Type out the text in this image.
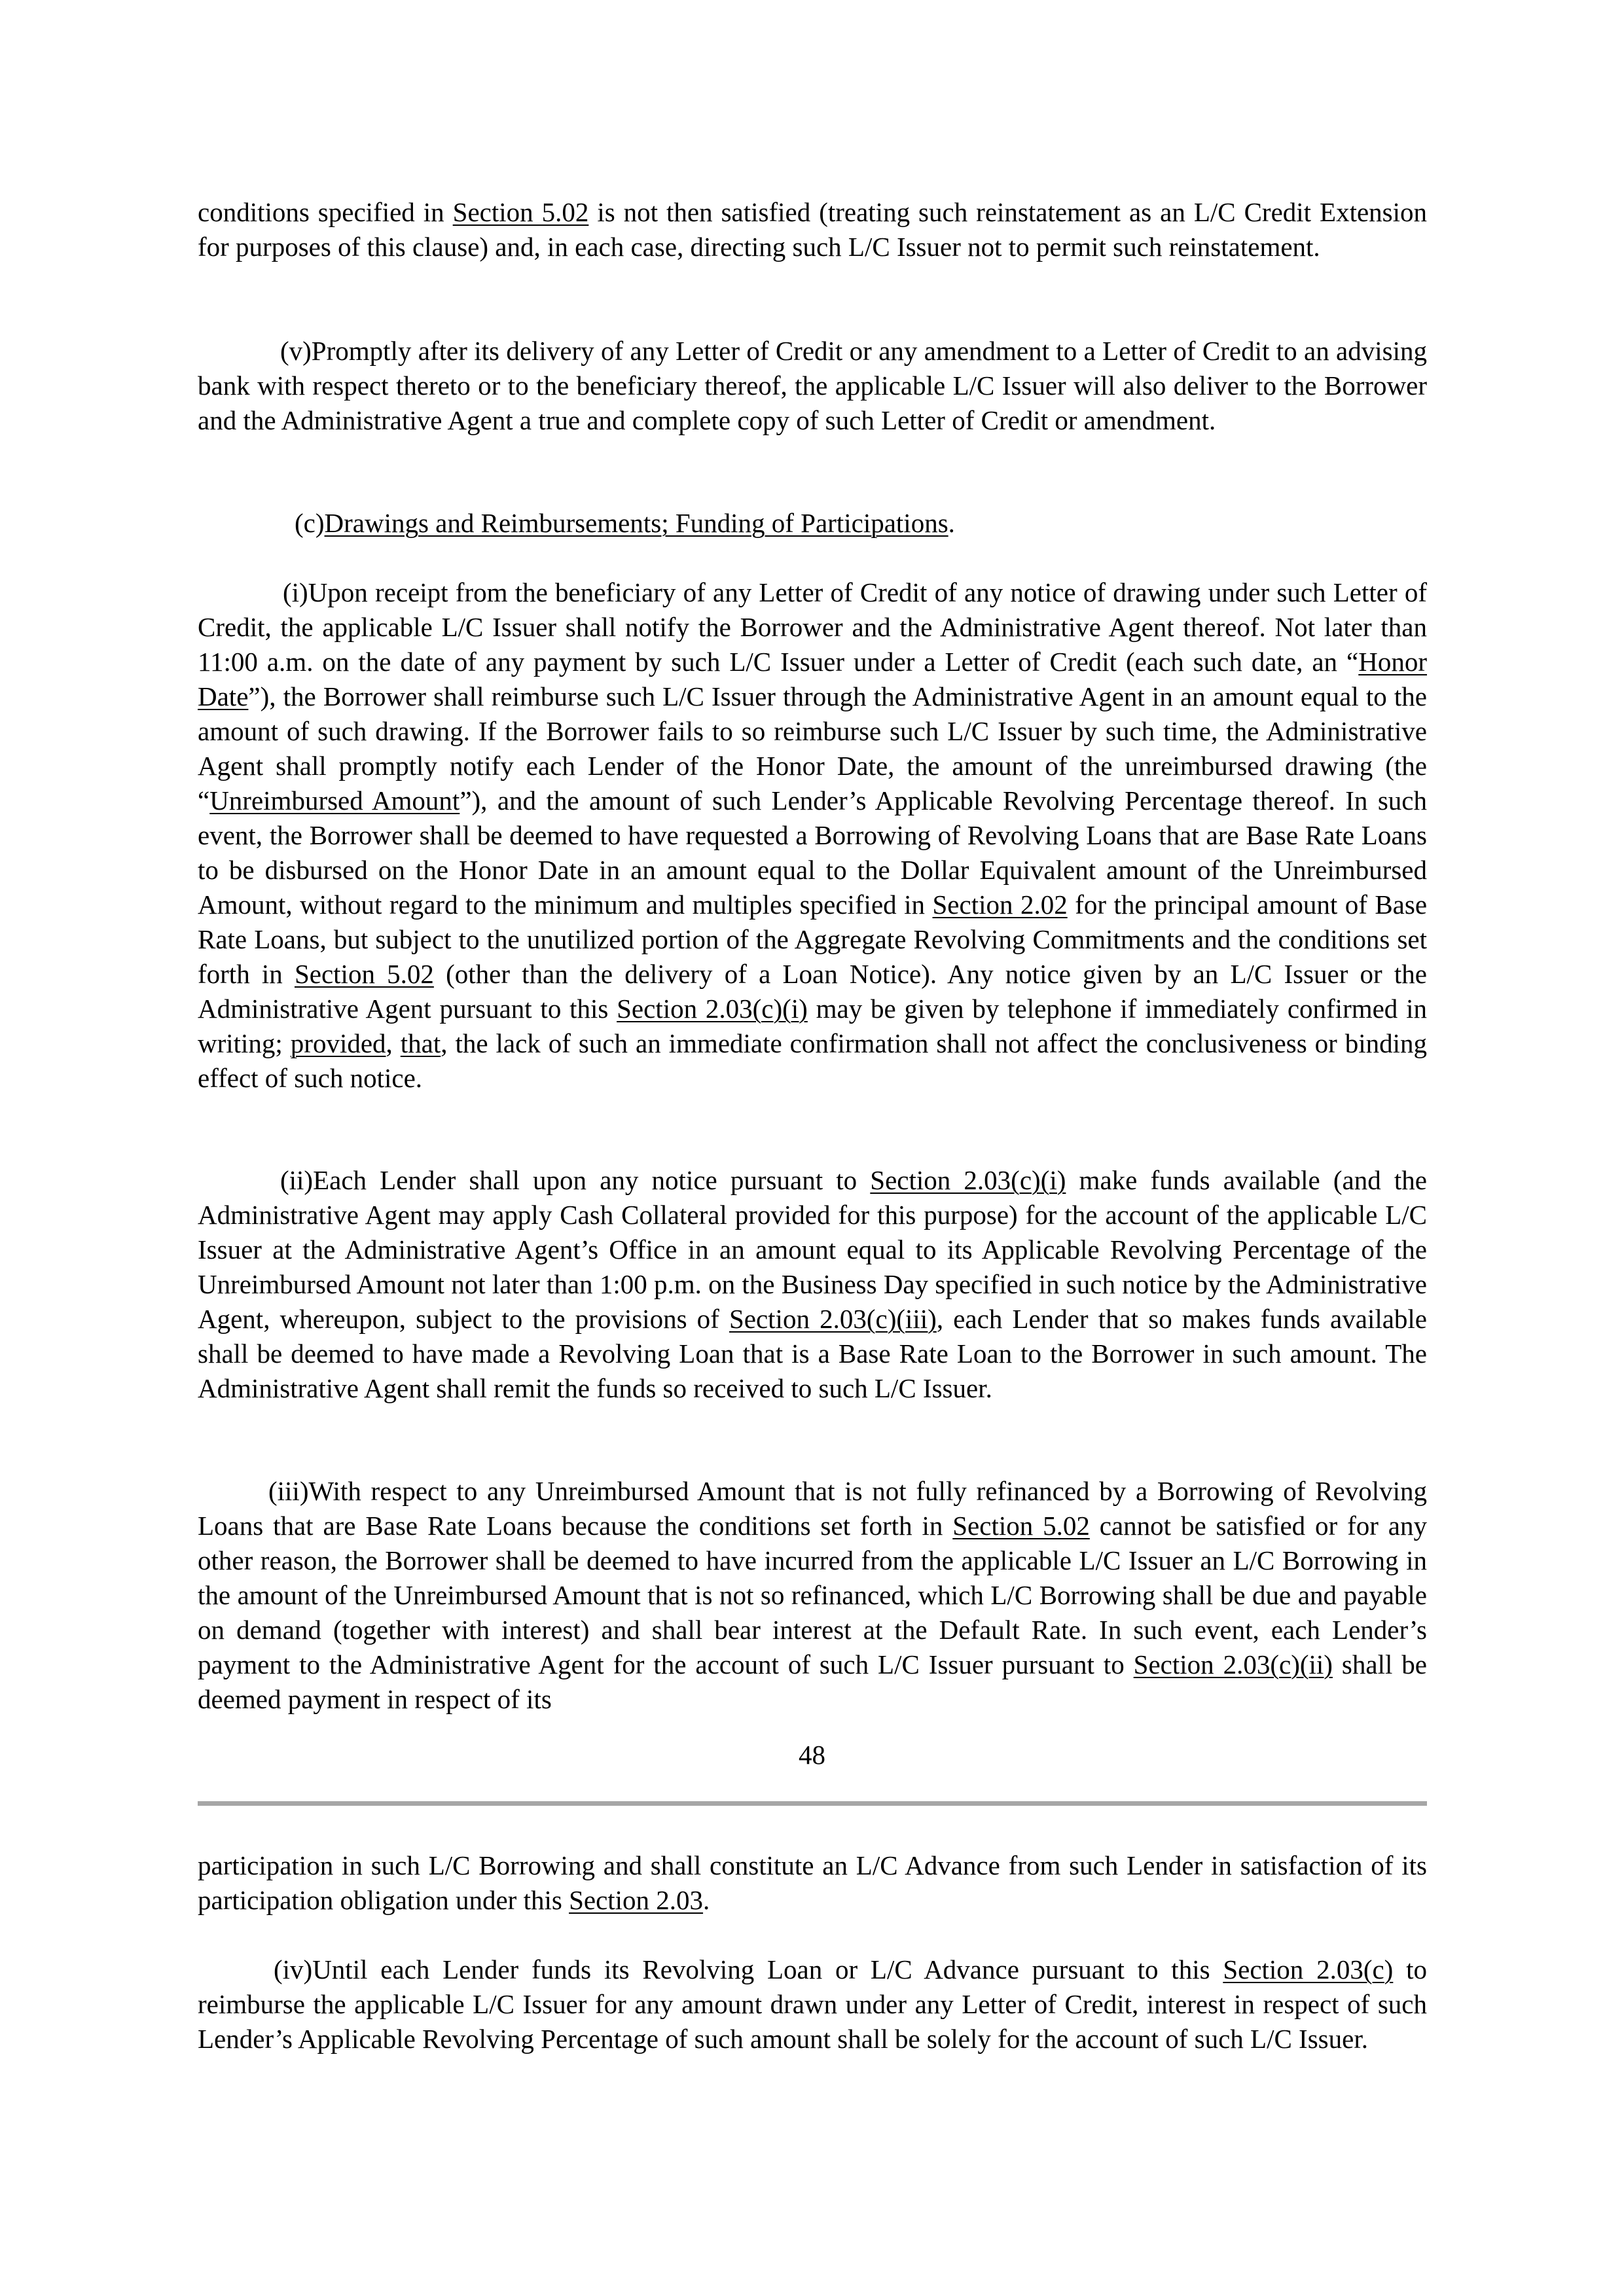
conditions specified in Section 5.02 is not then satisfied (treating such reinstatement as an L/C Credit Extension for purposes of this clause) and, in each case, directing such L/C Issuer not to permit such reinstatement.

(v)Promptly after its delivery of any Letter of Credit or any amendment to a Letter of Credit to an advising bank with respect thereto or to the beneficiary thereof, the applicable L/C Issuer will also deliver to the Borrower and the Administrative Agent a true and complete copy of such Letter of Credit or amendment.

(c)Drawings and Reimbursements; Funding of Participations.

(i)Upon receipt from the beneficiary of any Letter of Credit of any notice of drawing under such Letter of Credit, the applicable L/C Issuer shall notify the Borrower and the Administrative Agent thereof. Not later than 11:00 a.m. on the date of any payment by such L/C Issuer under a Letter of Credit (each such date, an “Honor Date”), the Borrower shall reimburse such L/C Issuer through the Administrative Agent in an amount equal to the amount of such drawing. If the Borrower fails to so reimburse such L/C Issuer by such time, the Administrative Agent shall promptly notify each Lender of the Honor Date, the amount of the unreimbursed drawing (the “Unreimbursed Amount”), and the amount of such Lender’s Applicable Revolving Percentage thereof. In such event, the Borrower shall be deemed to have requested a Borrowing of Revolving Loans that are Base Rate Loans to be disbursed on the Honor Date in an amount equal to the Dollar Equivalent amount of the Unreimbursed Amount, without regard to the minimum and multiples specified in Section 2.02 for the principal amount of Base Rate Loans, but subject to the unutilized portion of the Aggregate Revolving Commitments and the conditions set forth in Section 5.02 (other than the delivery of a Loan Notice). Any notice given by an L/C Issuer or the Administrative Agent pursuant to this Section 2.03(c)(i) may be given by telephone if immediately confirmed in writing; provided, that, the lack of such an immediate confirmation shall not affect the conclusiveness or binding effect of such notice.

(ii)Each Lender shall upon any notice pursuant to Section 2.03(c)(i) make funds available (and the Administrative Agent may apply Cash Collateral provided for this purpose) for the account of the applicable L/C Issuer at the Administrative Agent’s Office in an amount equal to its Applicable Revolving Percentage of the Unreimbursed Amount not later than 1:00 p.m. on the Business Day specified in such notice by the Administrative Agent, whereupon, subject to the provisions of Section 2.03(c)(iii), each Lender that so makes funds available shall be deemed to have made a Revolving Loan that is a Base Rate Loan to the Borrower in such amount. The Administrative Agent shall remit the funds so received to such L/C Issuer.

(iii)With respect to any Unreimbursed Amount that is not fully refinanced by a Borrowing of Revolving Loans that are Base Rate Loans because the conditions set forth in Section 5.02 cannot be satisfied or for any other reason, the Borrower shall be deemed to have incurred from the applicable L/C Issuer an L/C Borrowing in the amount of the Unreimbursed Amount that is not so refinanced, which L/C Borrowing shall be due and payable on demand (together with interest) and shall bear interest at the Default Rate. In such event, each Lender’s payment to the Administrative Agent for the account of such L/C Issuer pursuant to Section 2.03(c)(ii) shall be deemed payment in respect of its

48

participation in such L/C Borrowing and shall constitute an L/C Advance from such Lender in satisfaction of its participation obligation under this Section 2.03.

(iv)Until each Lender funds its Revolving Loan or L/C Advance pursuant to this Section 2.03(c) to reimburse the applicable L/C Issuer for any amount drawn under any Letter of Credit, interest in respect of such Lender’s Applicable Revolving Percentage of such amount shall be solely for the account of such L/C Issuer.
